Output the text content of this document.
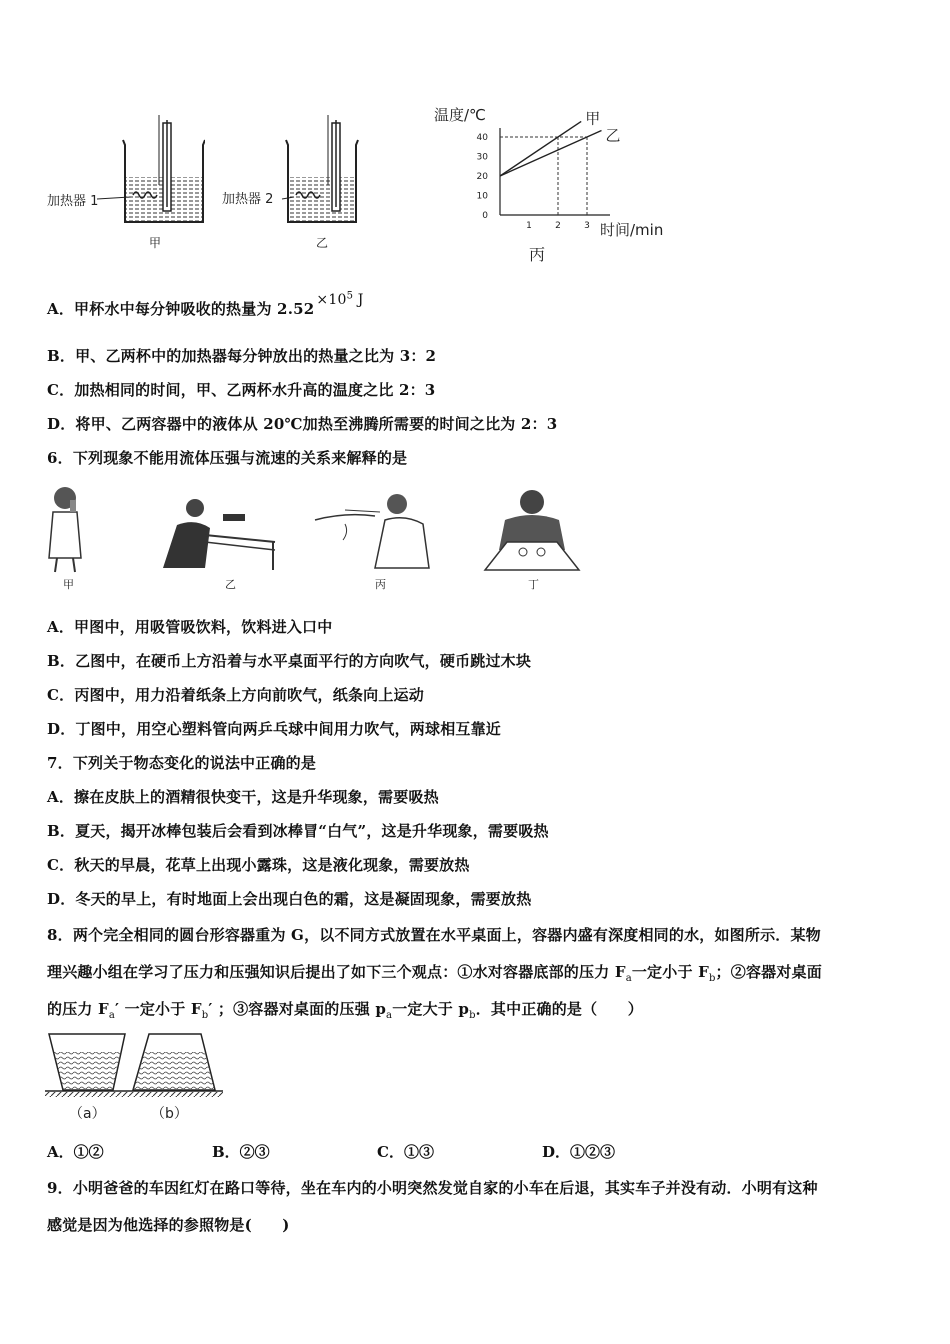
加热器 1
甲
加热器 2
乙
温度/℃
时间/min
丙
40
30
20
10
0
1	2	3
甲
乙
A．甲杯水中每分钟吸收的热量为 $2.52 \times 10^5$ J
B．甲、乙两杯中的加热器每分钟放出的热量之比为 3：2
C．加热相同的时间，甲、乙两杯水升高的温度之比 2：3
D．将甲、乙两容器中的液体从 20℃加热至沸腾所需要的时间之比为 2：3
6．下列现象不能用流体压强与流速的关系来解释的是
甲	乙	丙	丁
A．甲图中，用吸管吸饮料，饮料进入口中
B．乙图中，在硬币上方沿着与水平桌面平行的方向吹气，硬币跳过木块
C．丙图中，用力沿着纸条上方向前吹气，纸条向上运动
D．丁图中，用空心塑料管向两乒乓球中间用力吹气，两球相互靠近
7．下列关于物态变化的说法中正确的是
A．擦在皮肤上的酒精很快变干，这是升华现象，需要吸热
B．夏天，揭开冰棒包装后会看到冰棒冒“白气”，这是升华现象，需要吸热
C．秋天的早晨，花草上出现小露珠，这是液化现象，需要放热
D．冬天的早上，有时地面上会出现白色的霜，这是凝固现象，需要放热
8．两个完全相同的圆台形容器重为 G，以不同方式放置在水平桌面上，容器内盛有深度相同的水，如图所示．某物
理兴趣小组在学习了压力和压强知识后提出了如下三个观点：①水对容器底部的压力 $F_a$一定小于 $F_b$；②容器对桌面
的压力 $F_a'$ 一定小于 $F_b'$ ；③容器对桌面的压强 $p_a$一定大于 $p_b$．其中正确的是（　　）
（a）	（b）
A．①②	B．②③	C．①③	D．①②③
9．小明爸爸的车因红灯在路口等待，坐在车内的小明突然发觉自家的小车在后退，其实车子并没有动．小明有这种
感觉是因为他选择的参照物是(　　)
